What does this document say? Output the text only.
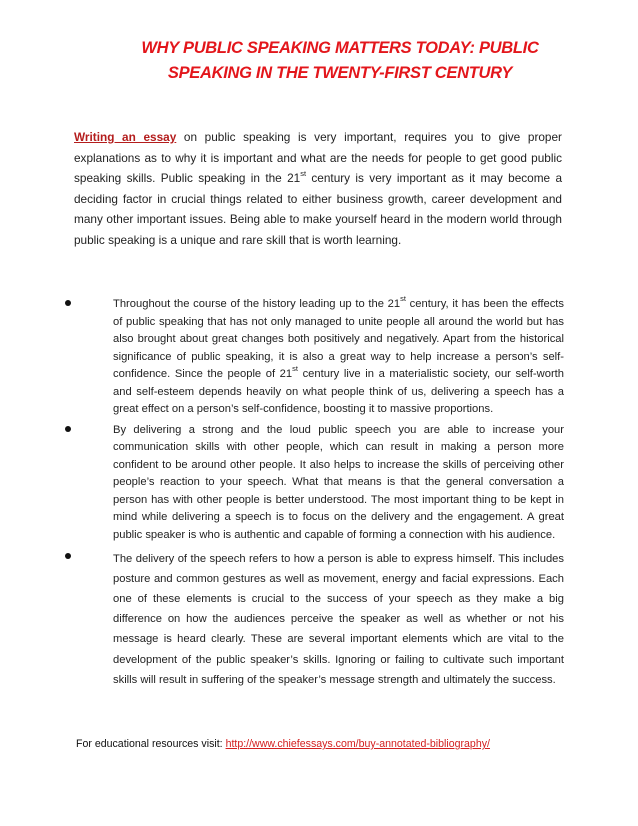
WHY PUBLIC SPEAKING MATTERS TODAY: PUBLIC
SPEAKING IN THE TWENTY-FIRST CENTURY

Writing an essay on public speaking is very important, requires you to give proper explanations as to why it is important and what are the needs for people to get good public speaking skills. Public speaking in the 21st century is very important as it may become a deciding factor in crucial things related to either business growth, career development and many other important issues. Being able to make yourself heard in the modern world through public speaking is a unique and rare skill that is worth learning.

Throughout the course of the history leading up to the 21st century, it has been the effects of public speaking that has not only managed to unite people all around the world but has also brought about great changes both positively and negatively. Apart from the historical significance of public speaking, it is also a great way to help increase a person’s self-confidence. Since the people of 21st century live in a materialistic society, our self-worth and self-esteem depends heavily on what people think of us, delivering a speech has a great effect on a person’s self-confidence, boosting it to massive proportions.
By delivering a strong and the loud public speech you are able to increase your communication skills with other people, which can result in making a person more confident to be around other people. It also helps to increase the skills of perceiving other people’s reaction to your speech. What that means is that the general conversation a person has with other people is better understood. The most important thing to be kept in mind while delivering a speech is to focus on the delivery and the engagement. A great public speaker is who is authentic and capable of forming a connection with his audience.
The delivery of the speech refers to how a person is able to express himself. This includes posture and common gestures as well as movement, energy and facial expressions. Each one of these elements is crucial to the success of your speech as they make a big difference on how the audiences perceive the speaker as well as whether or not his message is heard clearly. These are several important elements which are vital to the development of the public speaker’s skills. Ignoring or failing to cultivate such important skills will result in suffering of the speaker’s message strength and ultimately the success.
For educational resources visit: http://www.chiefessays.com/buy-annotated-bibliography/
